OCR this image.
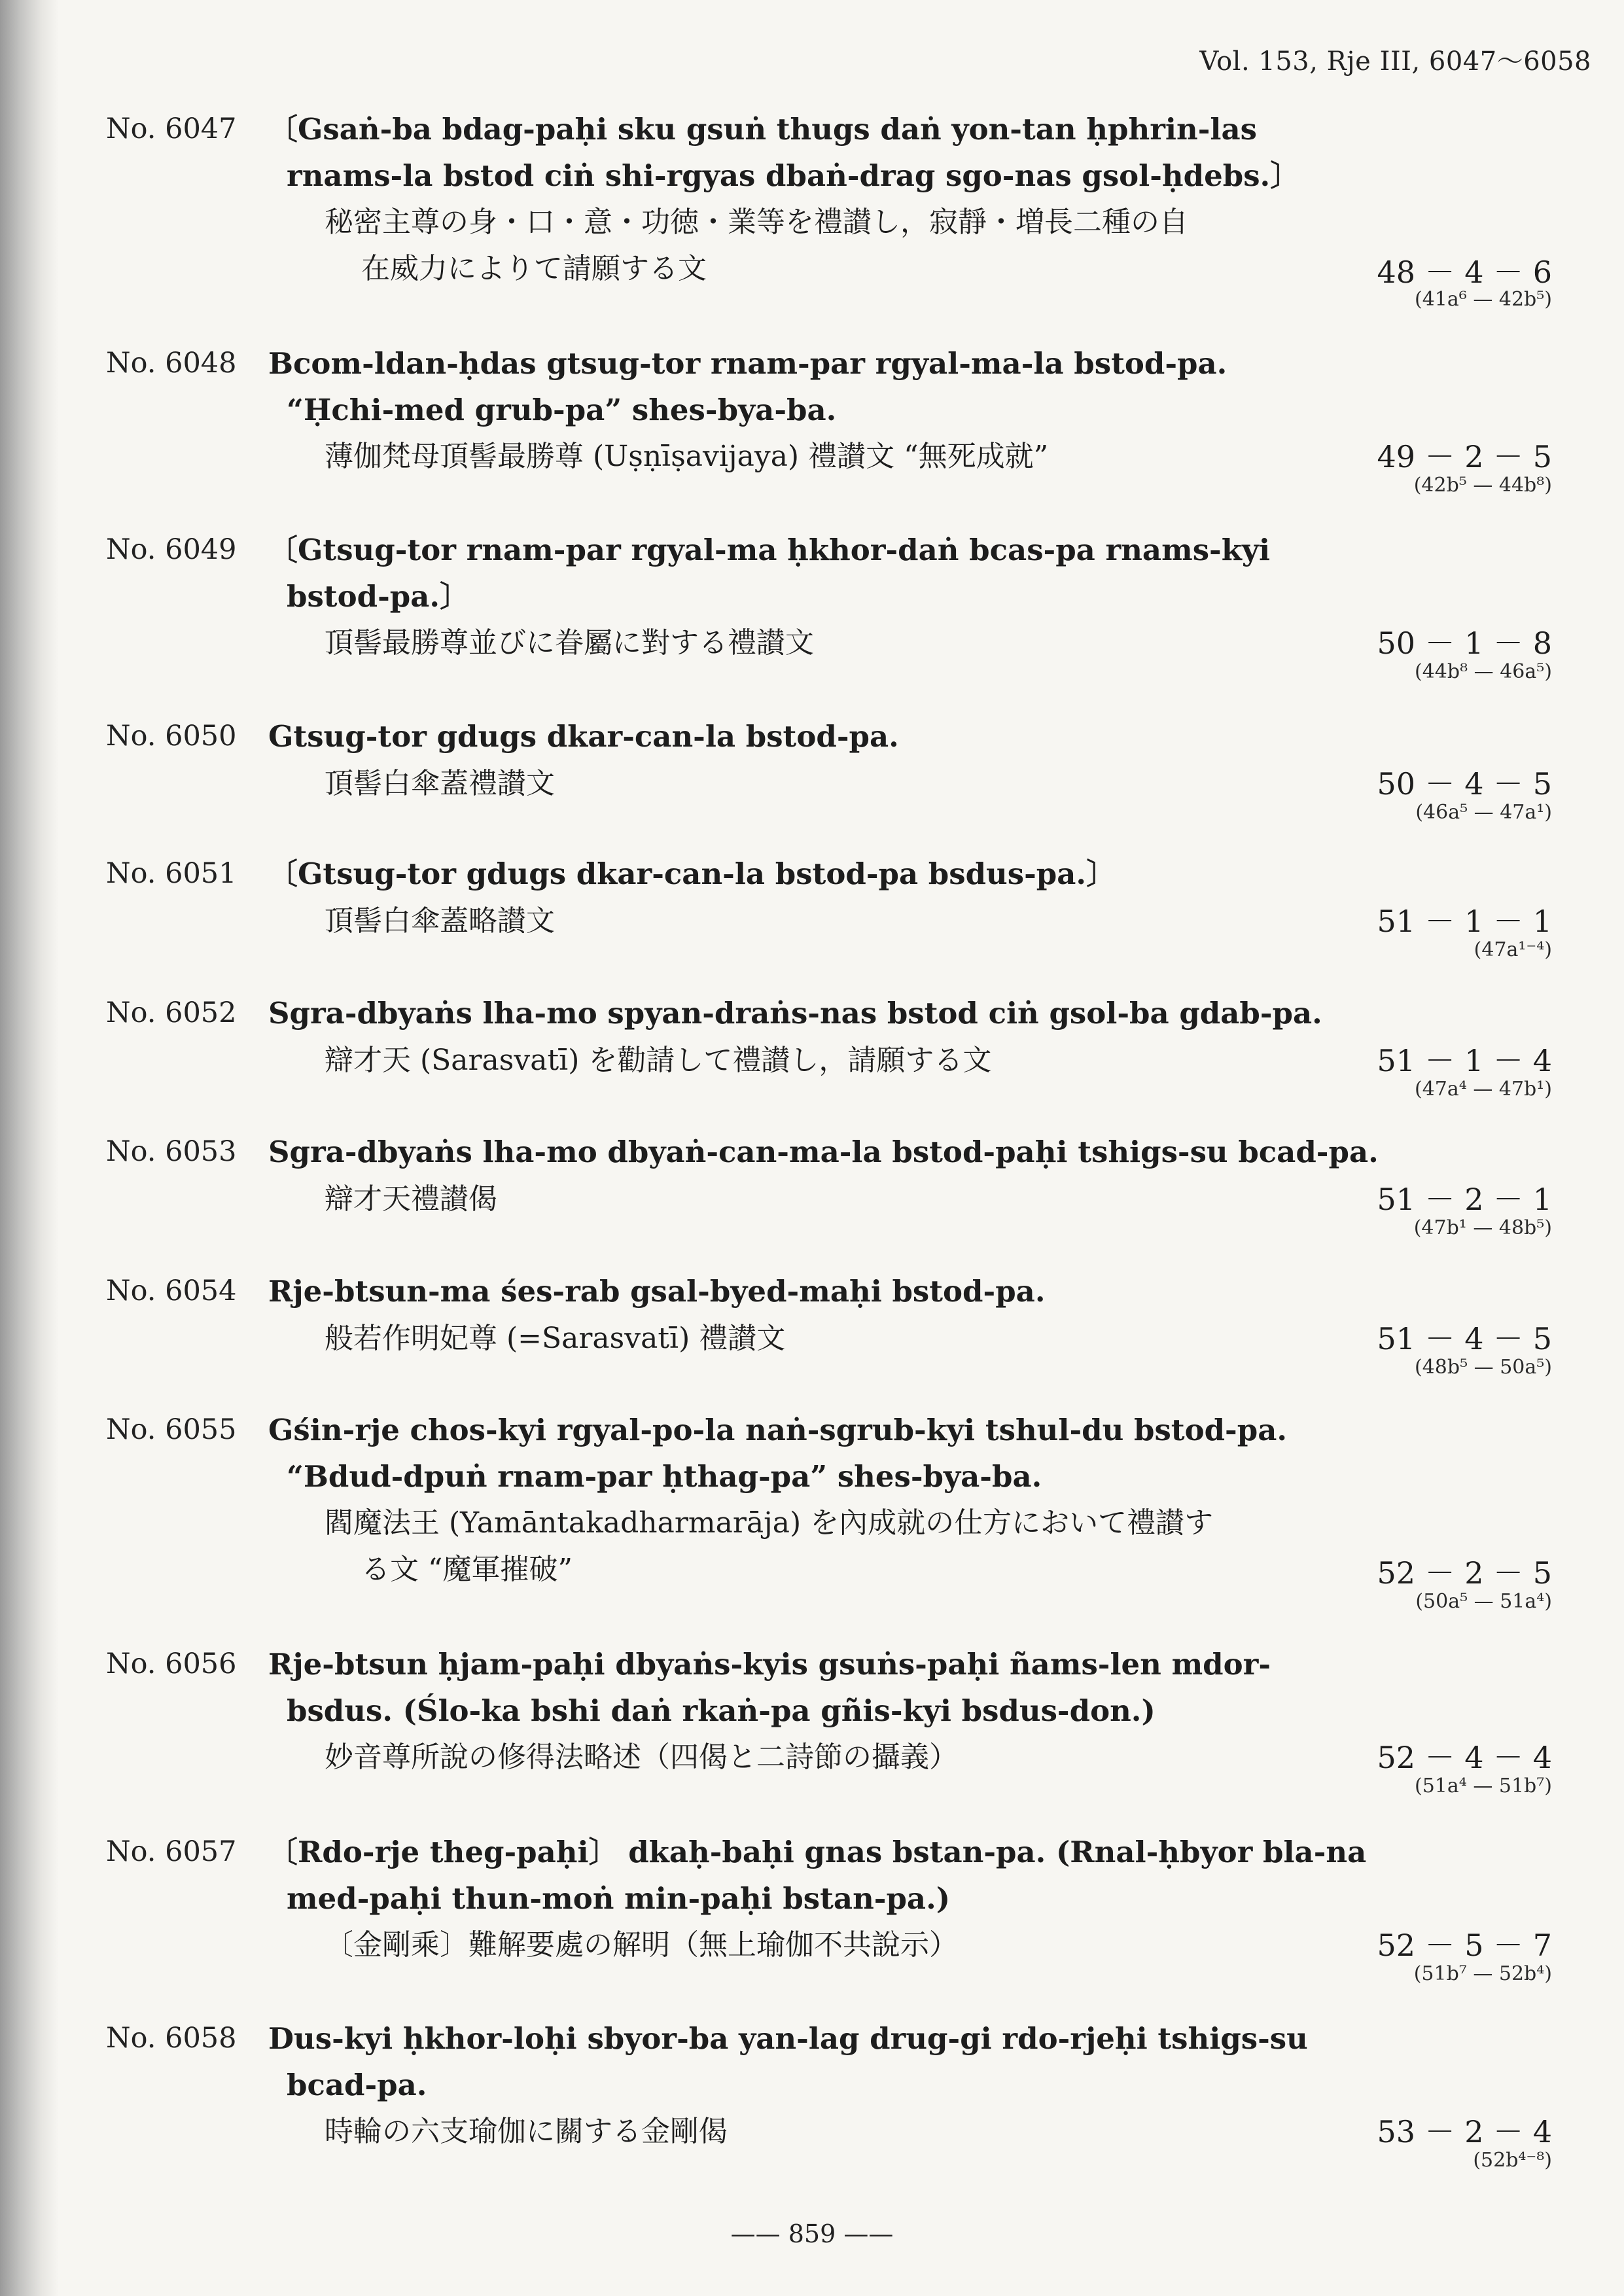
Vol. 153, Rje III, 6047～6058
No. 6047 〔Gsaṅ-ba bdag-paḥi sku gsuṅ thugs daṅ yon-tan ḥphrin-las
rnams-la bstod ciṅ shi-rgyas dbaṅ-drag sgo-nas gsol-ḥdebs.〕
秘密主尊の身・口・意・功徳・業等を禮讃し，寂靜・増長二種の自
在威力によりて請願する文	48 － 4 － 6
(41a⁶ — 42b⁵)
No. 6048 Bcom-ldan-ḥdas gtsug-tor rnam-par rgyal-ma-la bstod-pa.
“Ḥchi-med grub-pa” shes-bya-ba.
薄伽梵母頂髻最勝尊 (Uṣṇīṣavijaya) 禮讃文 “無死成就”	49 － 2 － 5
(42b⁵ — 44b⁸)
No. 6049 〔Gtsug-tor rnam-par rgyal-ma ḥkhor-daṅ bcas-pa rnams-kyi
bstod-pa.〕
頂髻最勝尊並びに眷屬に對する禮讃文	50 － 1 － 8
(44b⁸ — 46a⁵)
No. 6050 Gtsug-tor gdugs dkar-can-la bstod-pa.
頂髻白傘蓋禮讃文	50 － 4 － 5
(46a⁵ — 47a¹)
No. 6051 〔Gtsug-tor gdugs dkar-can-la bstod-pa bsdus-pa.〕
頂髻白傘蓋略讃文	51 － 1 － 1
(47a¹⁻⁴)
No. 6052 Sgra-dbyaṅs lha-mo spyan-draṅs-nas bstod ciṅ gsol-ba gdab-pa.
辯才天 (Sarasvatī) を勸請して禮讃し，請願する文	51 － 1 － 4
(47a⁴ — 47b¹)
No. 6053 Sgra-dbyaṅs lha-mo dbyaṅ-can-ma-la bstod-paḥi tshigs-su bcad-pa.
辯才天禮讃偈	51 － 2 － 1
(47b¹ — 48b⁵)
No. 6054 Rje-btsun-ma śes-rab gsal-byed-maḥi bstod-pa.
般若作明妃尊 (=Sarasvatī) 禮讃文	51 － 4 － 5
(48b⁵ — 50a⁵)
No. 6055 Gśin-rje chos-kyi rgyal-po-la naṅ-sgrub-kyi tshul-du bstod-pa.
“Bdud-dpuṅ rnam-par ḥthag-pa” shes-bya-ba.
閻魔法王 (Yamāntakadharmarāja) を內成就の仕方において禮讃す
る文 “魔軍摧破”	52 － 2 － 5
(50a⁵ — 51a⁴)
No. 6056 Rje-btsun ḥjam-paḥi dbyaṅs-kyis gsuṅs-paḥi ñams-len mdor-
bsdus. (Ślo-ka bshi daṅ rkaṅ-pa gñis-kyi bsdus-don.)
妙音尊所說の修得法略述（四偈と二詩節の攝義）	52 － 4 － 4
(51a⁴ — 51b⁷)
No. 6057 〔Rdo-rje theg-paḥi〕 dkaḥ-baḥi gnas bstan-pa. (Rnal-ḥbyor bla-na
med-paḥi thun-moṅ min-paḥi bstan-pa.)
〔金剛乘〕難解要處の解明（無上瑜伽不共說示）	52 － 5 － 7
(51b⁷ — 52b⁴)
No. 6058 Dus-kyi ḥkhor-loḥi sbyor-ba yan-lag drug-gi rdo-rjeḥi tshigs-su
bcad-pa.
時輪の六支瑜伽に關する金剛偈	53 － 2 － 4
(52b⁴⁻⁸)
—— 859 ——
